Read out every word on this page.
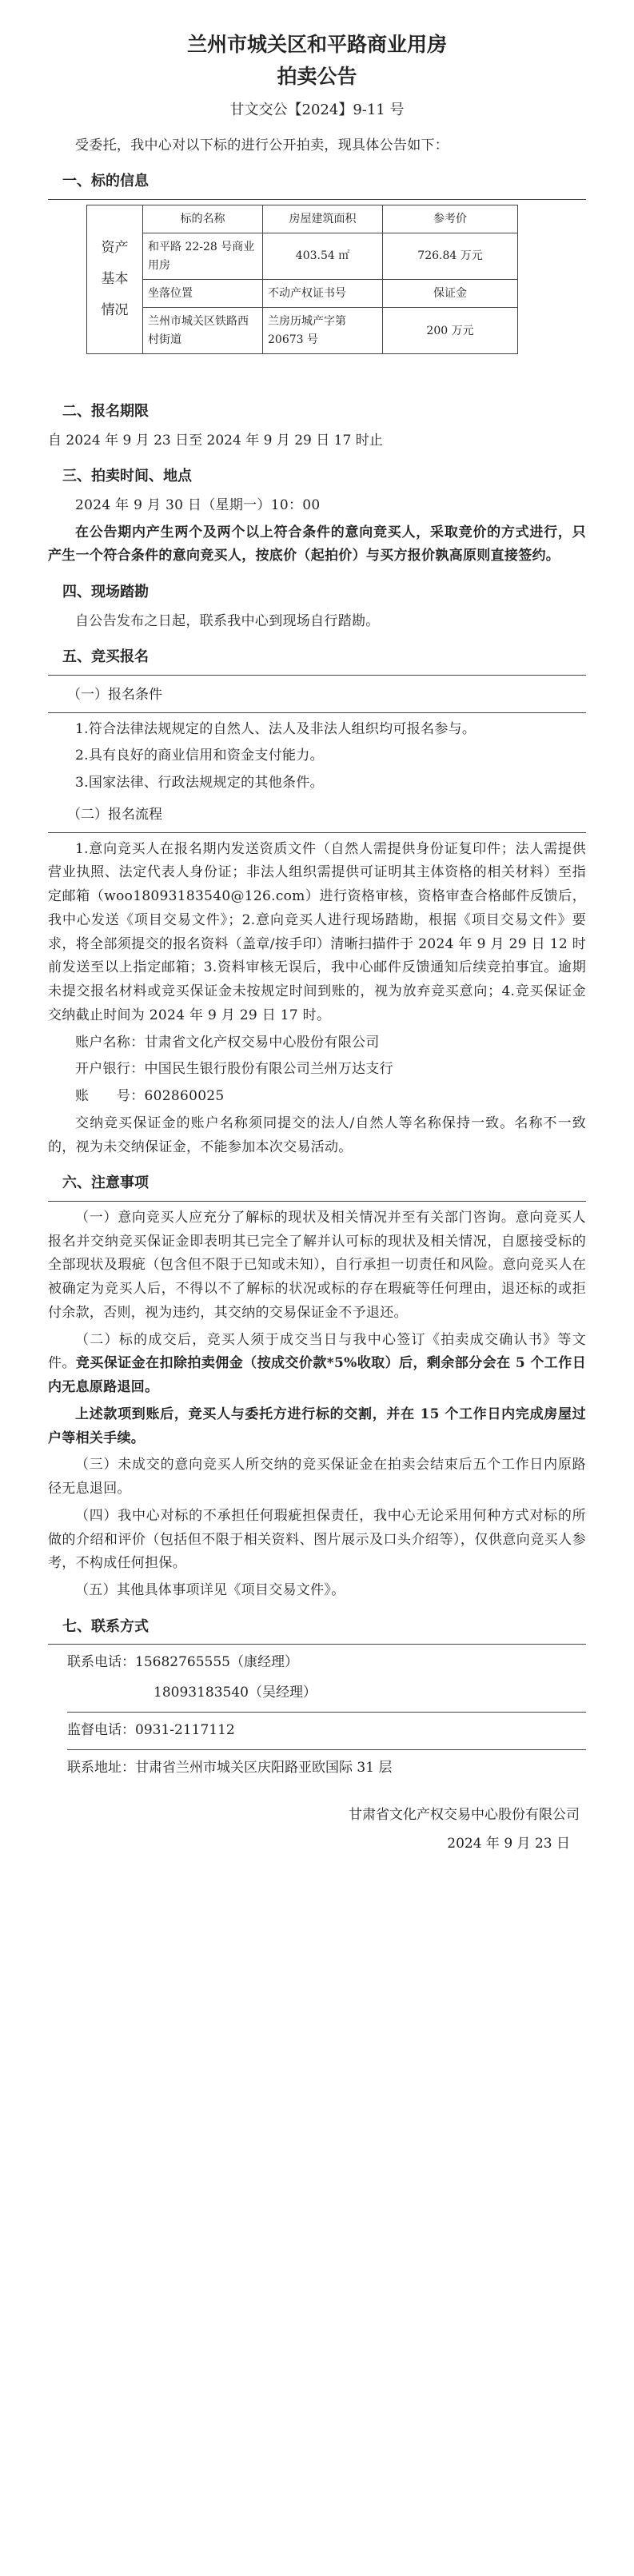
兰州市城关区和平路商业用房
拍卖公告
甘文交公【2024】9-11 号

受委托，我中心对以下标的进行公开拍卖，现具体公告如下：

一、标的信息
资产
基本
情况	标的名称	房屋建筑面积	参考价
	和平路 22-28 号商业用房	403.54 ㎡	726.84 万元
	坐落位置	不动产权证书号	保证金
	兰州市城关区铁路西村街道	兰房历城产字第 20673 号	200 万元
二、报名期限

自 2024 年 9 月 23 日至 2024 年 9 月 29 日 17 时止

三、拍卖时间、地点

2024 年 9 月 30 日（星期一）10：00

在公告期内产生两个及两个以上符合条件的意向竞买人，采取竞价的方式进行，只产生一个符合条件的意向竞买人，按底价（起拍价）与买方报价孰高原则直接签约。

四、现场踏勘

自公告发布之日起，联系我中心到现场自行踏勘。

五、竞买报名
（一）报名条件

1.符合法律法规规定的自然人、法人及非法人组织均可报名参与。

2.具有良好的商业信用和资金支付能力。

3.国家法律、行政法规规定的其他条件。

（二）报名流程

1.意向竞买人在报名期内发送资质文件（自然人需提供身份证复印件；法人需提供营业执照、法定代表人身份证；非法人组织需提供可证明其主体资格的相关材料）至指定邮箱（woo18093183540@126.com）进行资格审核，资格审查合格邮件反馈后，我中心发送《项目交易文件》；2.意向竞买人进行现场踏勘，根据《项目交易文件》要求，将全部须提交的报名资料（盖章/按手印）清晰扫描件于 2024 年 9 月 29 日 12 时前发送至以上指定邮箱；3.资料审核无误后，我中心邮件反馈通知后续竞拍事宜。逾期未提交报名材料或竞买保证金未按规定时间到账的，视为放弃竞买意向；4.竞买保证金交纳截止时间为 2024 年 9 月 29 日 17 时。

账户名称：甘肃省文化产权交易中心股份有限公司

开户银行：中国民生银行股份有限公司兰州万达支行

账　　号：602860025

交纳竞买保证金的账户名称须同提交的法人/自然人等名称保持一致。名称不一致的，视为未交纳保证金，不能参加本次交易活动。

六、注意事项

（一）意向竞买人应充分了解标的现状及相关情况并至有关部门咨询。意向竞买人报名并交纳竞买保证金即表明其已完全了解并认可标的现状及相关情况，自愿接受标的全部现状及瑕疵（包含但不限于已知或未知），自行承担一切责任和风险。意向竞买人在被确定为竞买人后，不得以不了解标的状况或标的存在瑕疵等任何理由，退还标的或拒付余款，否则，视为违约，其交纳的交易保证金不予退还。

（二）标的成交后，竞买人须于成交当日与我中心签订《拍卖成交确认书》等文件。竞买保证金在扣除拍卖佣金（按成交价款*5%收取）后，剩余部分会在 5 个工作日内无息原路退回。

上述款项到账后，竞买人与委托方进行标的交割，并在 15 个工作日内完成房屋过户等相关手续。

（三）未成交的意向竞买人所交纳的竞买保证金在拍卖会结束后五个工作日内原路径无息退回。

（四）我中心对标的不承担任何瑕疵担保责任，我中心无论采用何种方式对标的所做的介绍和评价（包括但不限于相关资料、图片展示及口头介绍等），仅供意向竞买人参考，不构成任何担保。

（五）其他具体事项详见《项目交易文件》。

七、联系方式
联系电话：15682765555（康经理）
18093183540（吴经理）
监督电话：0931-2117112
联系地址：甘肃省兰州市城关区庆阳路亚欧国际 31 层
甘肃省文化产权交易中心股份有限公司
2024 年 9 月 23 日
